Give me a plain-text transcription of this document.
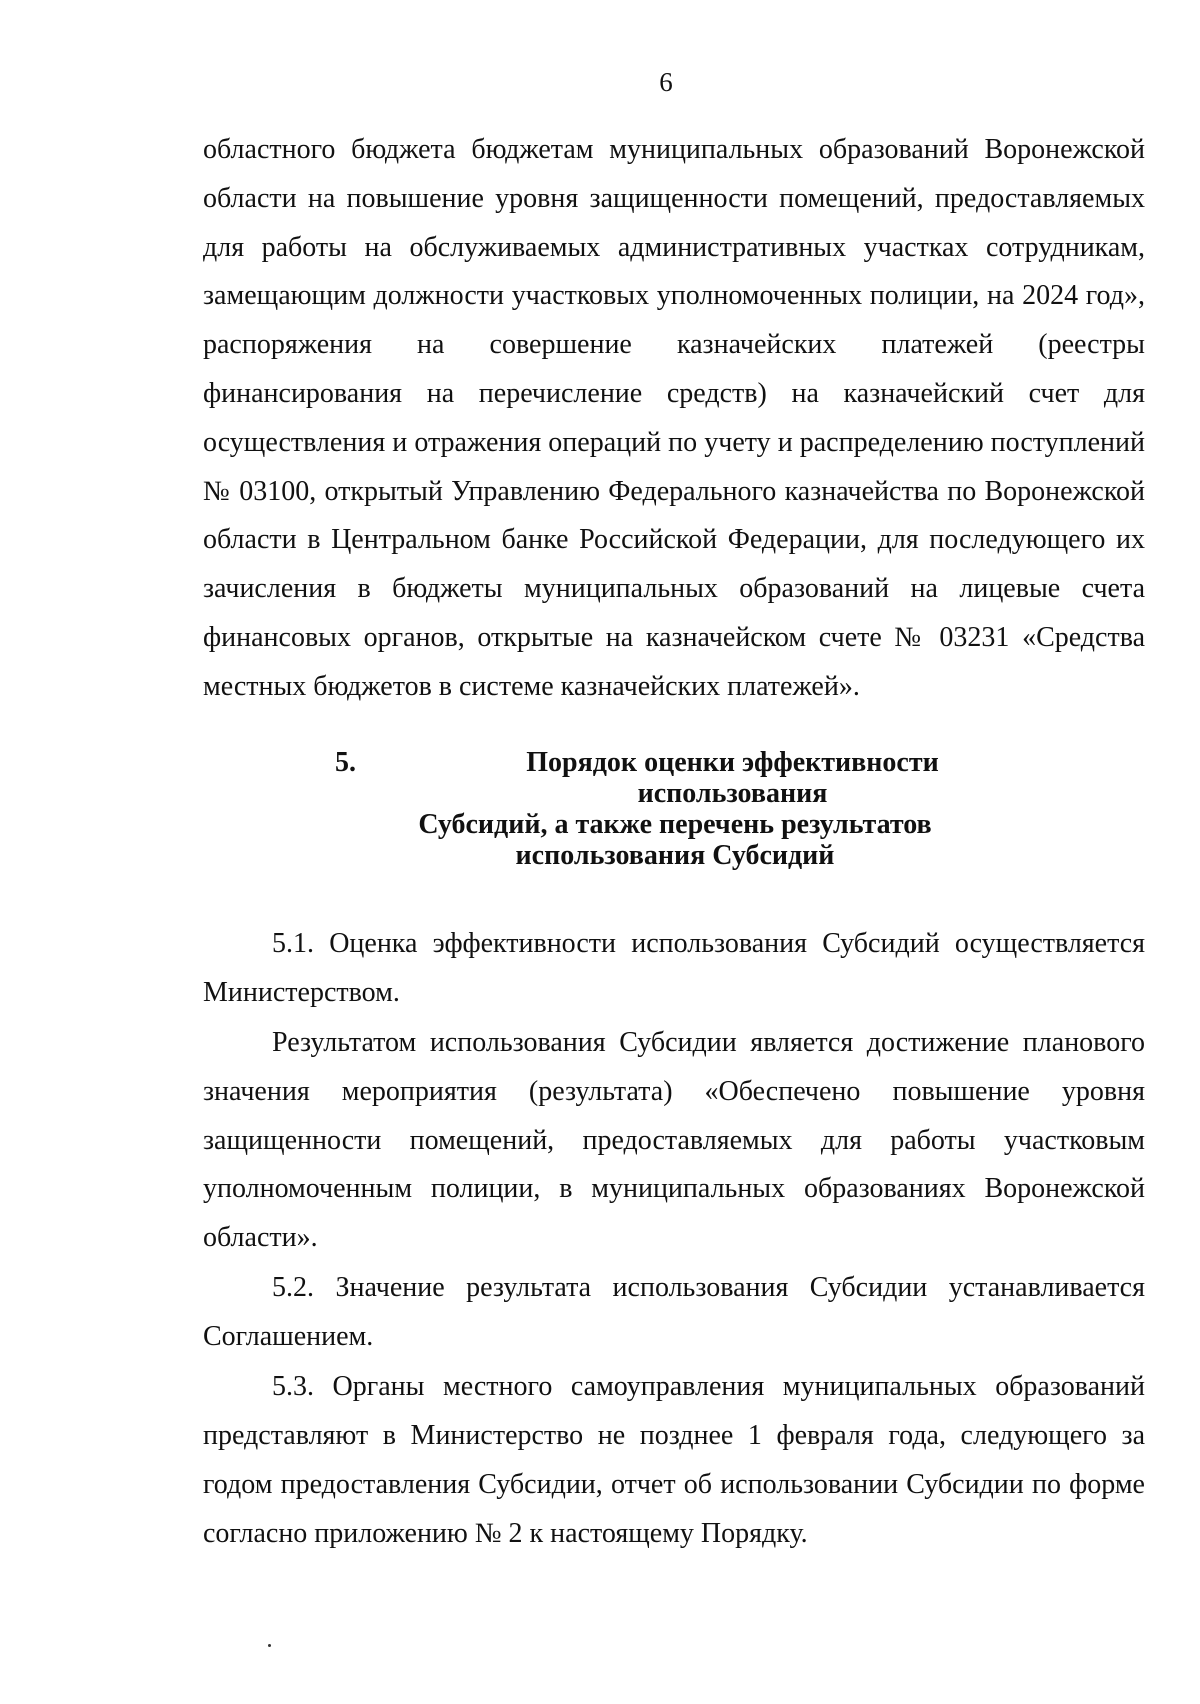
6

областного бюджета бюджетам муниципальных образований Воронежской области на повышение уровня защищенности помещений, предоставляемых для работы на обслуживаемых административных участках сотрудникам, замещающим должности участковых уполномоченных полиции, на 2024 год», распоряжения на совершение казначейских платежей (реестры финансирования на перечисление средств) на казначейский счет для осуществления и отражения операций по учету и распределению поступлений № 03100, открытый Управлению Федерального казначейства по Воронежской области в Центральном банке Российской Федерации, для последующего их зачисления в бюджеты муниципальных образований на лицевые счета финансовых органов, открытые на казначейском счете № 03231 «Средства местных бюджетов в системе казначейских платежей».

5.	Порядок оценки эффективности использования
Субсидий, а также перечень результатов
использования Субсидий

5.1. Оценка эффективности использования Субсидий осуществляется Министерством.

Результатом использования Субсидии является достижение планового значения мероприятия (результата) «Обеспечено повышение уровня защищенности помещений, предоставляемых для работы участковым уполномоченным полиции, в муниципальных образованиях Воронежской области».

5.2. Значение результата использования Субсидии устанавливается Соглашением.

5.3. Органы местного самоуправления муниципальных образований представляют в Министерство не позднее 1 февраля года, следующего за годом предоставления Субсидии, отчет об использовании Субсидии по форме согласно приложению № 2 к настоящему Порядку.
